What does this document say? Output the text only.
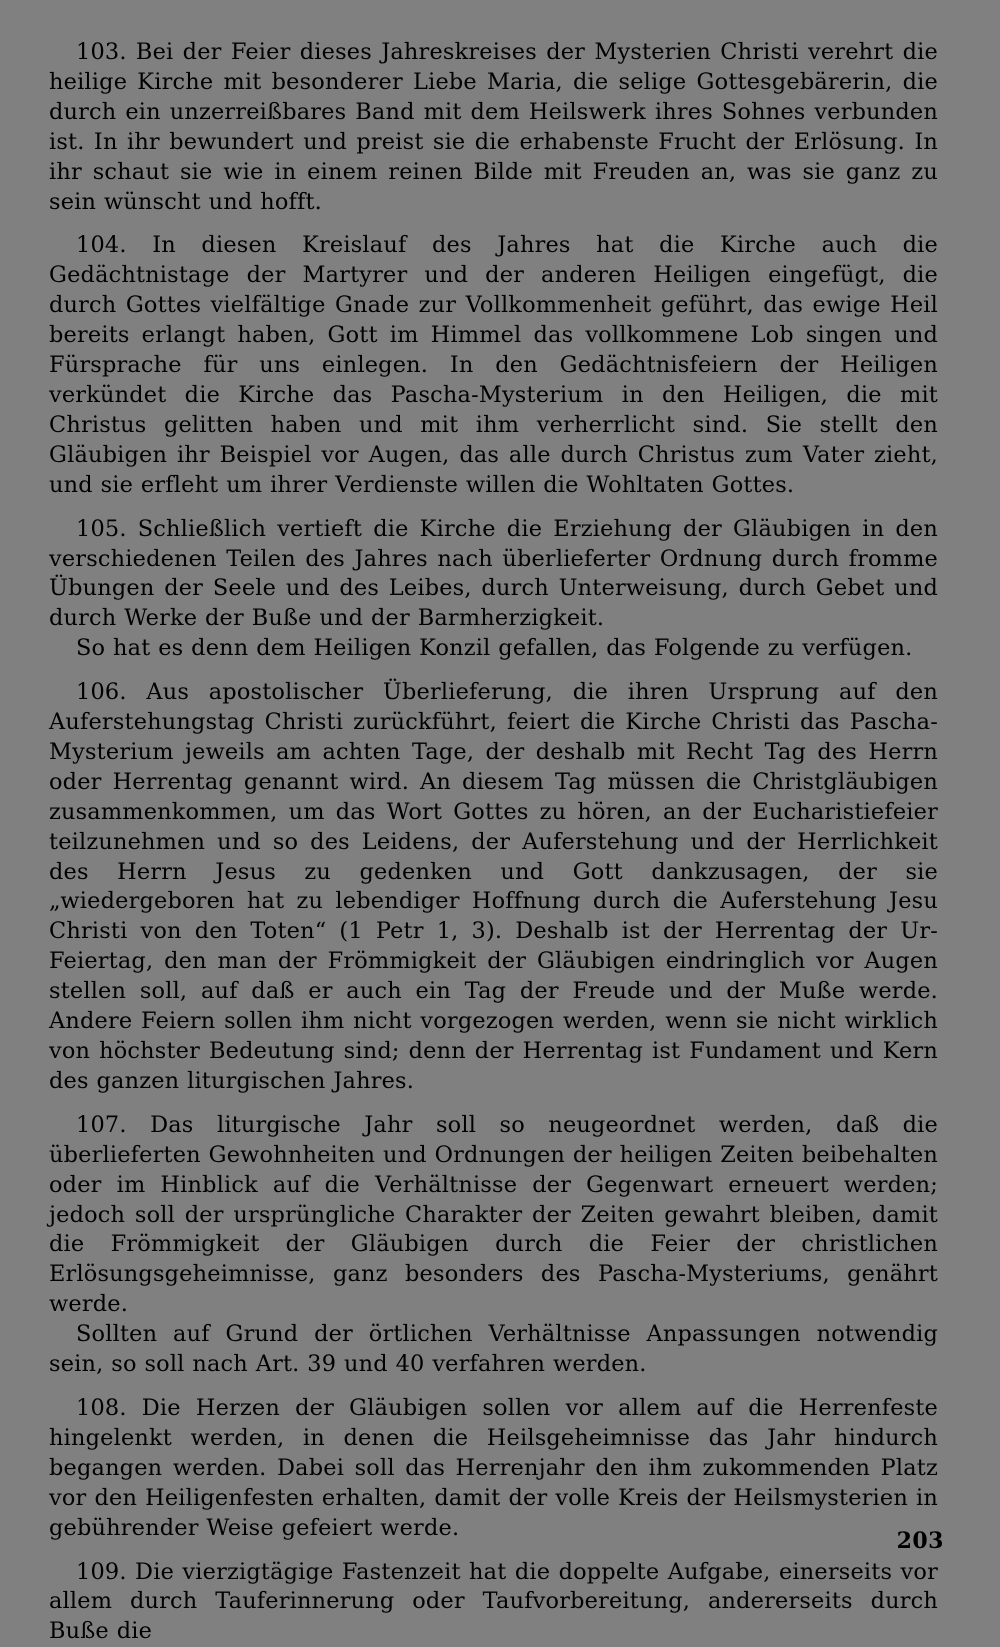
103. Bei der Feier dieses Jahreskreises der Mysterien Christi verehrt die heilige Kirche mit besonderer Liebe Maria, die selige Gottesgebärerin, die durch ein unzerreißbares Band mit dem Heilswerk ihres Sohnes verbunden ist. In ihr bewundert und preist sie die erhabenste Frucht der Erlösung. In ihr schaut sie wie in einem reinen Bilde mit Freuden an, was sie ganz zu sein wünscht und hofft.

104. In diesen Kreislauf des Jahres hat die Kirche auch die Gedächtnistage der Martyrer und der anderen Heiligen eingefügt, die durch Gottes vielfältige Gnade zur Vollkommenheit geführt, das ewige Heil bereits erlangt haben, Gott im Himmel das vollkommene Lob singen und Fürsprache für uns einlegen. In den Gedächtnisfeiern der Heiligen verkündet die Kirche das Pascha-Mysterium in den Heiligen, die mit Christus gelitten haben und mit ihm verherrlicht sind. Sie stellt den Gläubigen ihr Beispiel vor Augen, das alle durch Christus zum Vater zieht, und sie erfleht um ihrer Verdienste willen die Wohltaten Gottes.

105. Schließlich vertieft die Kirche die Erziehung der Gläubigen in den verschiedenen Teilen des Jahres nach überlieferter Ordnung durch fromme Übungen der Seele und des Leibes, durch Unterweisung, durch Gebet und durch Werke der Buße und der Barmherzigkeit.

So hat es denn dem Heiligen Konzil gefallen, das Folgende zu verfügen.

106. Aus apostolischer Überlieferung, die ihren Ursprung auf den Auferstehungstag Christi zurückführt, feiert die Kirche Christi das Pascha-Mysterium jeweils am achten Tage, der deshalb mit Recht Tag des Herrn oder Herrentag genannt wird. An diesem Tag müssen die Christgläubigen zusammenkommen, um das Wort Gottes zu hören, an der Eucharistiefeier teilzunehmen und so des Leidens, der Auferstehung und der Herrlichkeit des Herrn Jesus zu gedenken und Gott dankzusagen, der sie „wiedergeboren hat zu lebendiger Hoffnung durch die Auferstehung Jesu Christi von den Toten“ (1 Petr 1, 3). Deshalb ist der Herrentag der Ur-Feiertag, den man der Frömmigkeit der Gläubigen eindringlich vor Augen stellen soll, auf daß er auch ein Tag der Freude und der Muße werde. Andere Feiern sollen ihm nicht vorgezogen werden, wenn sie nicht wirklich von höchster Bedeutung sind; denn der Herrentag ist Fundament und Kern des ganzen liturgischen Jahres.

107. Das liturgische Jahr soll so neugeordnet werden, daß die überlieferten Gewohnheiten und Ordnungen der heiligen Zeiten beibehalten oder im Hinblick auf die Verhältnisse der Gegenwart erneuert werden; jedoch soll der ursprüngliche Charakter der Zeiten gewahrt bleiben, damit die Frömmigkeit der Gläubigen durch die Feier der christlichen Erlösungsgeheimnisse, ganz besonders des Pascha-Mysteriums, genährt werde.

Sollten auf Grund der örtlichen Verhältnisse Anpassungen notwendig sein, so soll nach Art. 39 und 40 verfahren werden.

108. Die Herzen der Gläubigen sollen vor allem auf die Herrenfeste hingelenkt werden, in denen die Heilsgeheimnisse das Jahr hindurch begangen werden. Dabei soll das Herrenjahr den ihm zukommenden Platz vor den Heiligenfesten erhalten, damit der volle Kreis der Heilsmysterien in gebührender Weise gefeiert werde.

109. Die vierzigtägige Fastenzeit hat die doppelte Aufgabe, einerseits vor allem durch Tauferinnerung oder Taufvorbereitung, andererseits durch Buße die

203
